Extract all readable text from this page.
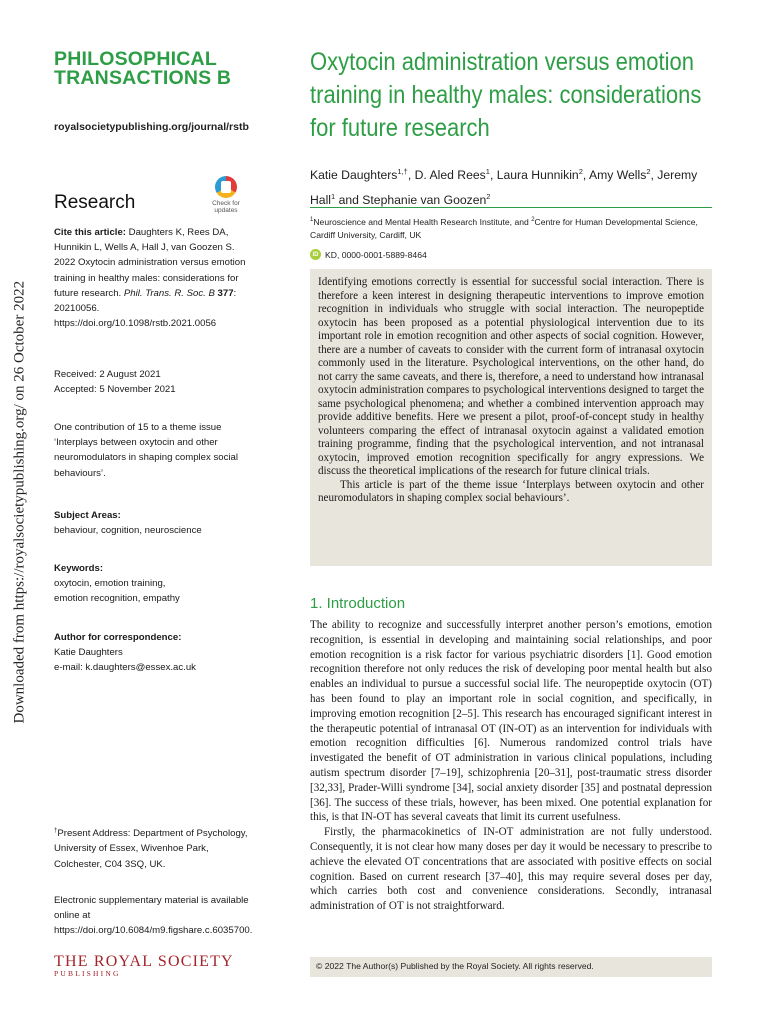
Downloaded from https://royalsocietypublishing.org/ on 26 October 2022
PHILOSOPHICAL
TRANSACTIONS B
royalsocietypublishing.org/journal/rstb
Research	Check for
updates
Cite this article: Daughters K, Rees DA, Hunnikin L, Wells A, Hall J, van Goozen S. 2022 Oxytocin administration versus emotion training in healthy males: considerations for future research. Phil. Trans. R. Soc. B 377: 20210056.
https://doi.org/10.1098/rstb.2021.0056
Received: 2 August 2021
Accepted: 5 November 2021
One contribution of 15 to a theme issue ‘Interplays between oxytocin and other neuromodulators in shaping complex social behaviours’.
Subject Areas:
behaviour, cognition, neuroscience
Keywords:
oxytocin, emotion training,
emotion recognition, empathy
Author for correspondence:
Katie Daughters
e-mail: k.daughters@essex.ac.uk
†Present Address: Department of Psychology, University of Essex, Wivenhoe Park, Colchester, C04 3SQ, UK.
Electronic supplementary material is available online at https://doi.org/10.6084/m9.figshare.c.6035700.
THE ROYAL SOCIETY
PUBLISHING
Oxytocin administration versus emotion training in healthy males: considerations for future research
Katie Daughters$^{1,\dagger}$, D. Aled Rees$^1$, Laura Hunnikin$^2$, Amy Wells$^2$, Jeremy Hall$^1$ and Stephanie van Goozen$^2$
$^1$Neuroscience and Mental Health Research Institute, and $^2$Centre for Human Developmental Science, Cardiff University, Cardiff, UK
iD KD, 0000-0001-5889-8464

Identifying emotions correctly is essential for successful social interaction. There is therefore a keen interest in designing therapeutic interventions to improve emotion recognition in individuals who struggle with social interaction. The neuropeptide oxytocin has been proposed as a potential physiological intervention due to its important role in emotion recognition and other aspects of social cognition. However, there are a number of caveats to consider with the current form of intranasal oxytocin commonly used in the literature. Psychological interventions, on the other hand, do not carry the same caveats, and there is, therefore, a need to understand how intranasal oxytocin administration compares to psychological interventions designed to target the same psychological phenomena; and whether a combined intervention approach may provide additive benefits. Here we present a pilot, proof-of-concept study in healthy volunteers comparing the effect of intranasal oxytocin against a validated emotion training programme, finding that the psychological intervention, and not intranasal oxytocin, improved emotion recognition specifically for angry expressions. We discuss the theoretical implications of the research for future clinical trials.

This article is part of the theme issue ‘Interplays between oxytocin and other neuromodulators in shaping complex social behaviours’.

1. Introduction

The ability to recognize and successfully interpret another person’s emotions, emotion recognition, is essential in developing and maintaining social relationships, and poor emotion recognition is a risk factor for various psychiatric disorders [1]. Good emotion recognition therefore not only reduces the risk of developing poor mental health but also enables an individual to pursue a successful social life. The neuropeptide oxytocin (OT) has been found to play an important role in social cognition, and specifically, in improving emotion recognition [2–5]. This research has encouraged significant interest in the therapeutic potential of intranasal OT (IN-OT) as an intervention for individuals with emotion recognition difficulties [6]. Numerous randomized control trials have investigated the benefit of OT administration in various clinical populations, including autism spectrum disorder [7–19], schizophrenia [20–31], post-traumatic stress disorder [32,33], Prader-Willi syndrome [34], social anxiety disorder [35] and postnatal depression [36]. The success of these trials, however, has been mixed. One potential explanation for this, is that IN-OT has several caveats that limit its current usefulness.

Firstly, the pharmacokinetics of IN-OT administration are not fully understood. Consequently, it is not clear how many doses per day it would be necessary to prescribe to achieve the elevated OT concentrations that are associated with positive effects on social cognition. Based on current research [37–40], this may require several doses per day, which carries both cost and convenience considerations. Secondly, intranasal administration of OT is not straightforward.

© 2022 The Author(s) Published by the Royal Society. All rights reserved.
